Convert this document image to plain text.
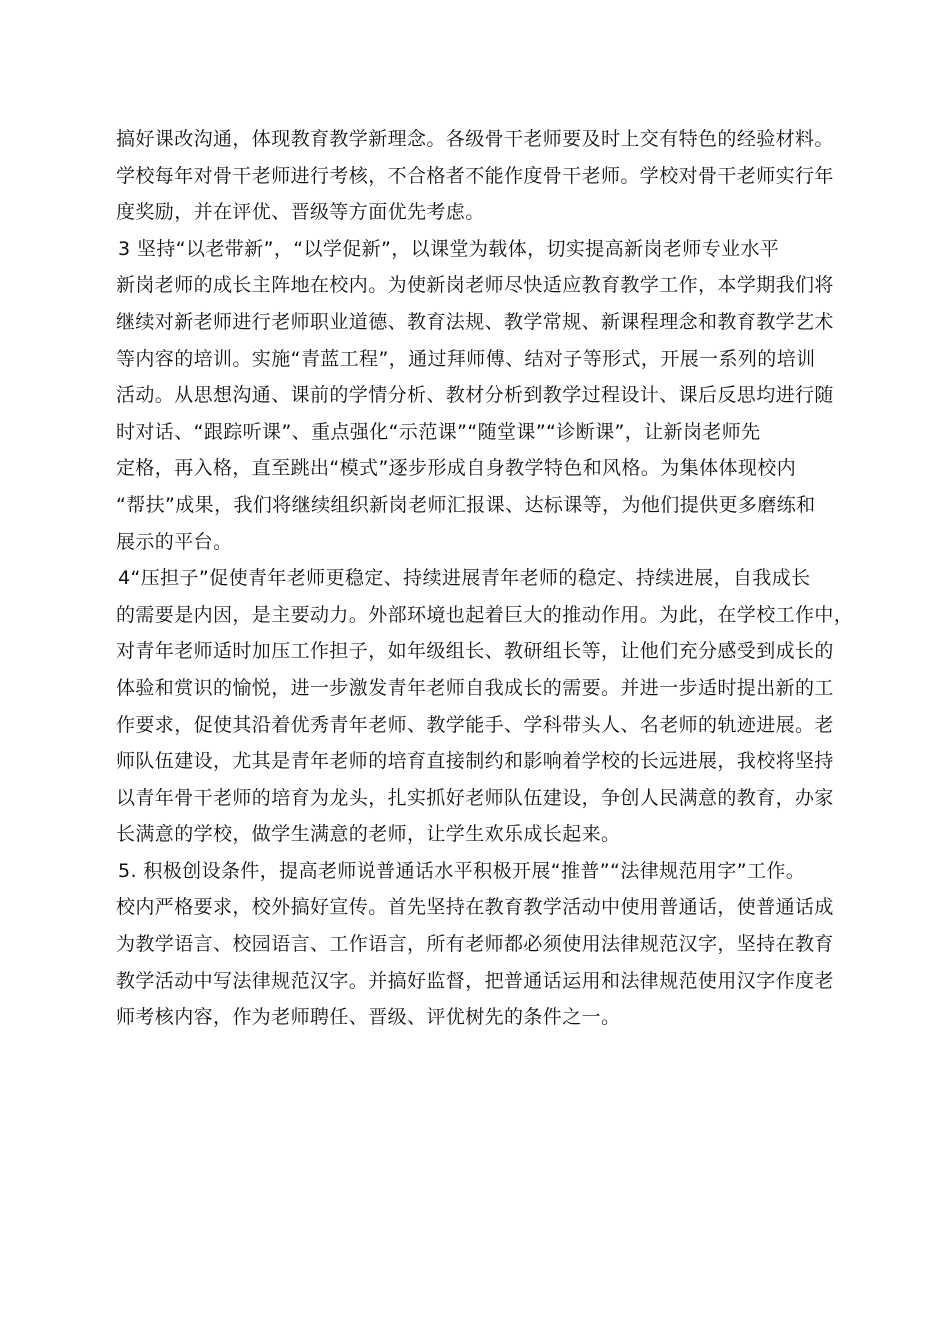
搞好课改沟通，体现教育教学新理念。各级骨干老师要及时上交有特色的经验材料。
学校每年对骨干老师进行考核，不合格者不能作度骨干老师。学校对骨干老师实行年
度奖励，并在评优、晋级等方面优先考虑。
3 坚持“以老带新”，“以学促新”，以课堂为载体，切实提高新岗老师专业水平
新岗老师的成长主阵地在校内。为使新岗老师尽快适应教育教学工作，本学期我们将
继续对新老师进行老师职业道德、教育法规、教学常规、新课程理念和教育教学艺术
等内容的培训。实施“青蓝工程”，通过拜师傅、结对子等形式，开展一系列的培训
活动。从思想沟通、课前的学情分析、教材分析到教学过程设计、课后反思均进行随
时对话、“跟踪听课”、重点强化“示范课”“随堂课”“诊断课”，让新岗老师先
定格，再入格，直至跳出“模式”逐步形成自身教学特色和风格。为集体体现校内
“帮扶”成果，我们将继续组织新岗老师汇报课、达标课等，为他们提供更多磨练和
展示的平台。
4“压担子”促使青年老师更稳定、持续进展青年老师的稳定、持续进展，自我成长
的需要是内因，是主要动力。外部环境也起着巨大的推动作用。为此，在学校工作中，
对青年老师适时加压工作担子，如年级组长、教研组长等，让他们充分感受到成长的
体验和赏识的愉悦，进一步激发青年老师自我成长的需要。并进一步适时提出新的工
作要求，促使其沿着优秀青年老师、教学能手、学科带头人、名老师的轨迹进展。老
师队伍建设，尤其是青年老师的培育直接制约和影响着学校的长远进展，我校将坚持
以青年骨干老师的培育为龙头，扎实抓好老师队伍建设，争创人民满意的教育，办家
长满意的学校，做学生满意的老师，让学生欢乐成长起来。
5. 积极创设条件，提高老师说普通话水平积极开展“推普”“法律规范用字”工作。
校内严格要求，校外搞好宣传。首先坚持在教育教学活动中使用普通话，使普通话成
为教学语言、校园语言、工作语言，所有老师都必须使用法律规范汉字，坚持在教育
教学活动中写法律规范汉字。并搞好监督，把普通话运用和法律规范使用汉字作度老
师考核内容，作为老师聘任、晋级、评优树先的条件之一。
